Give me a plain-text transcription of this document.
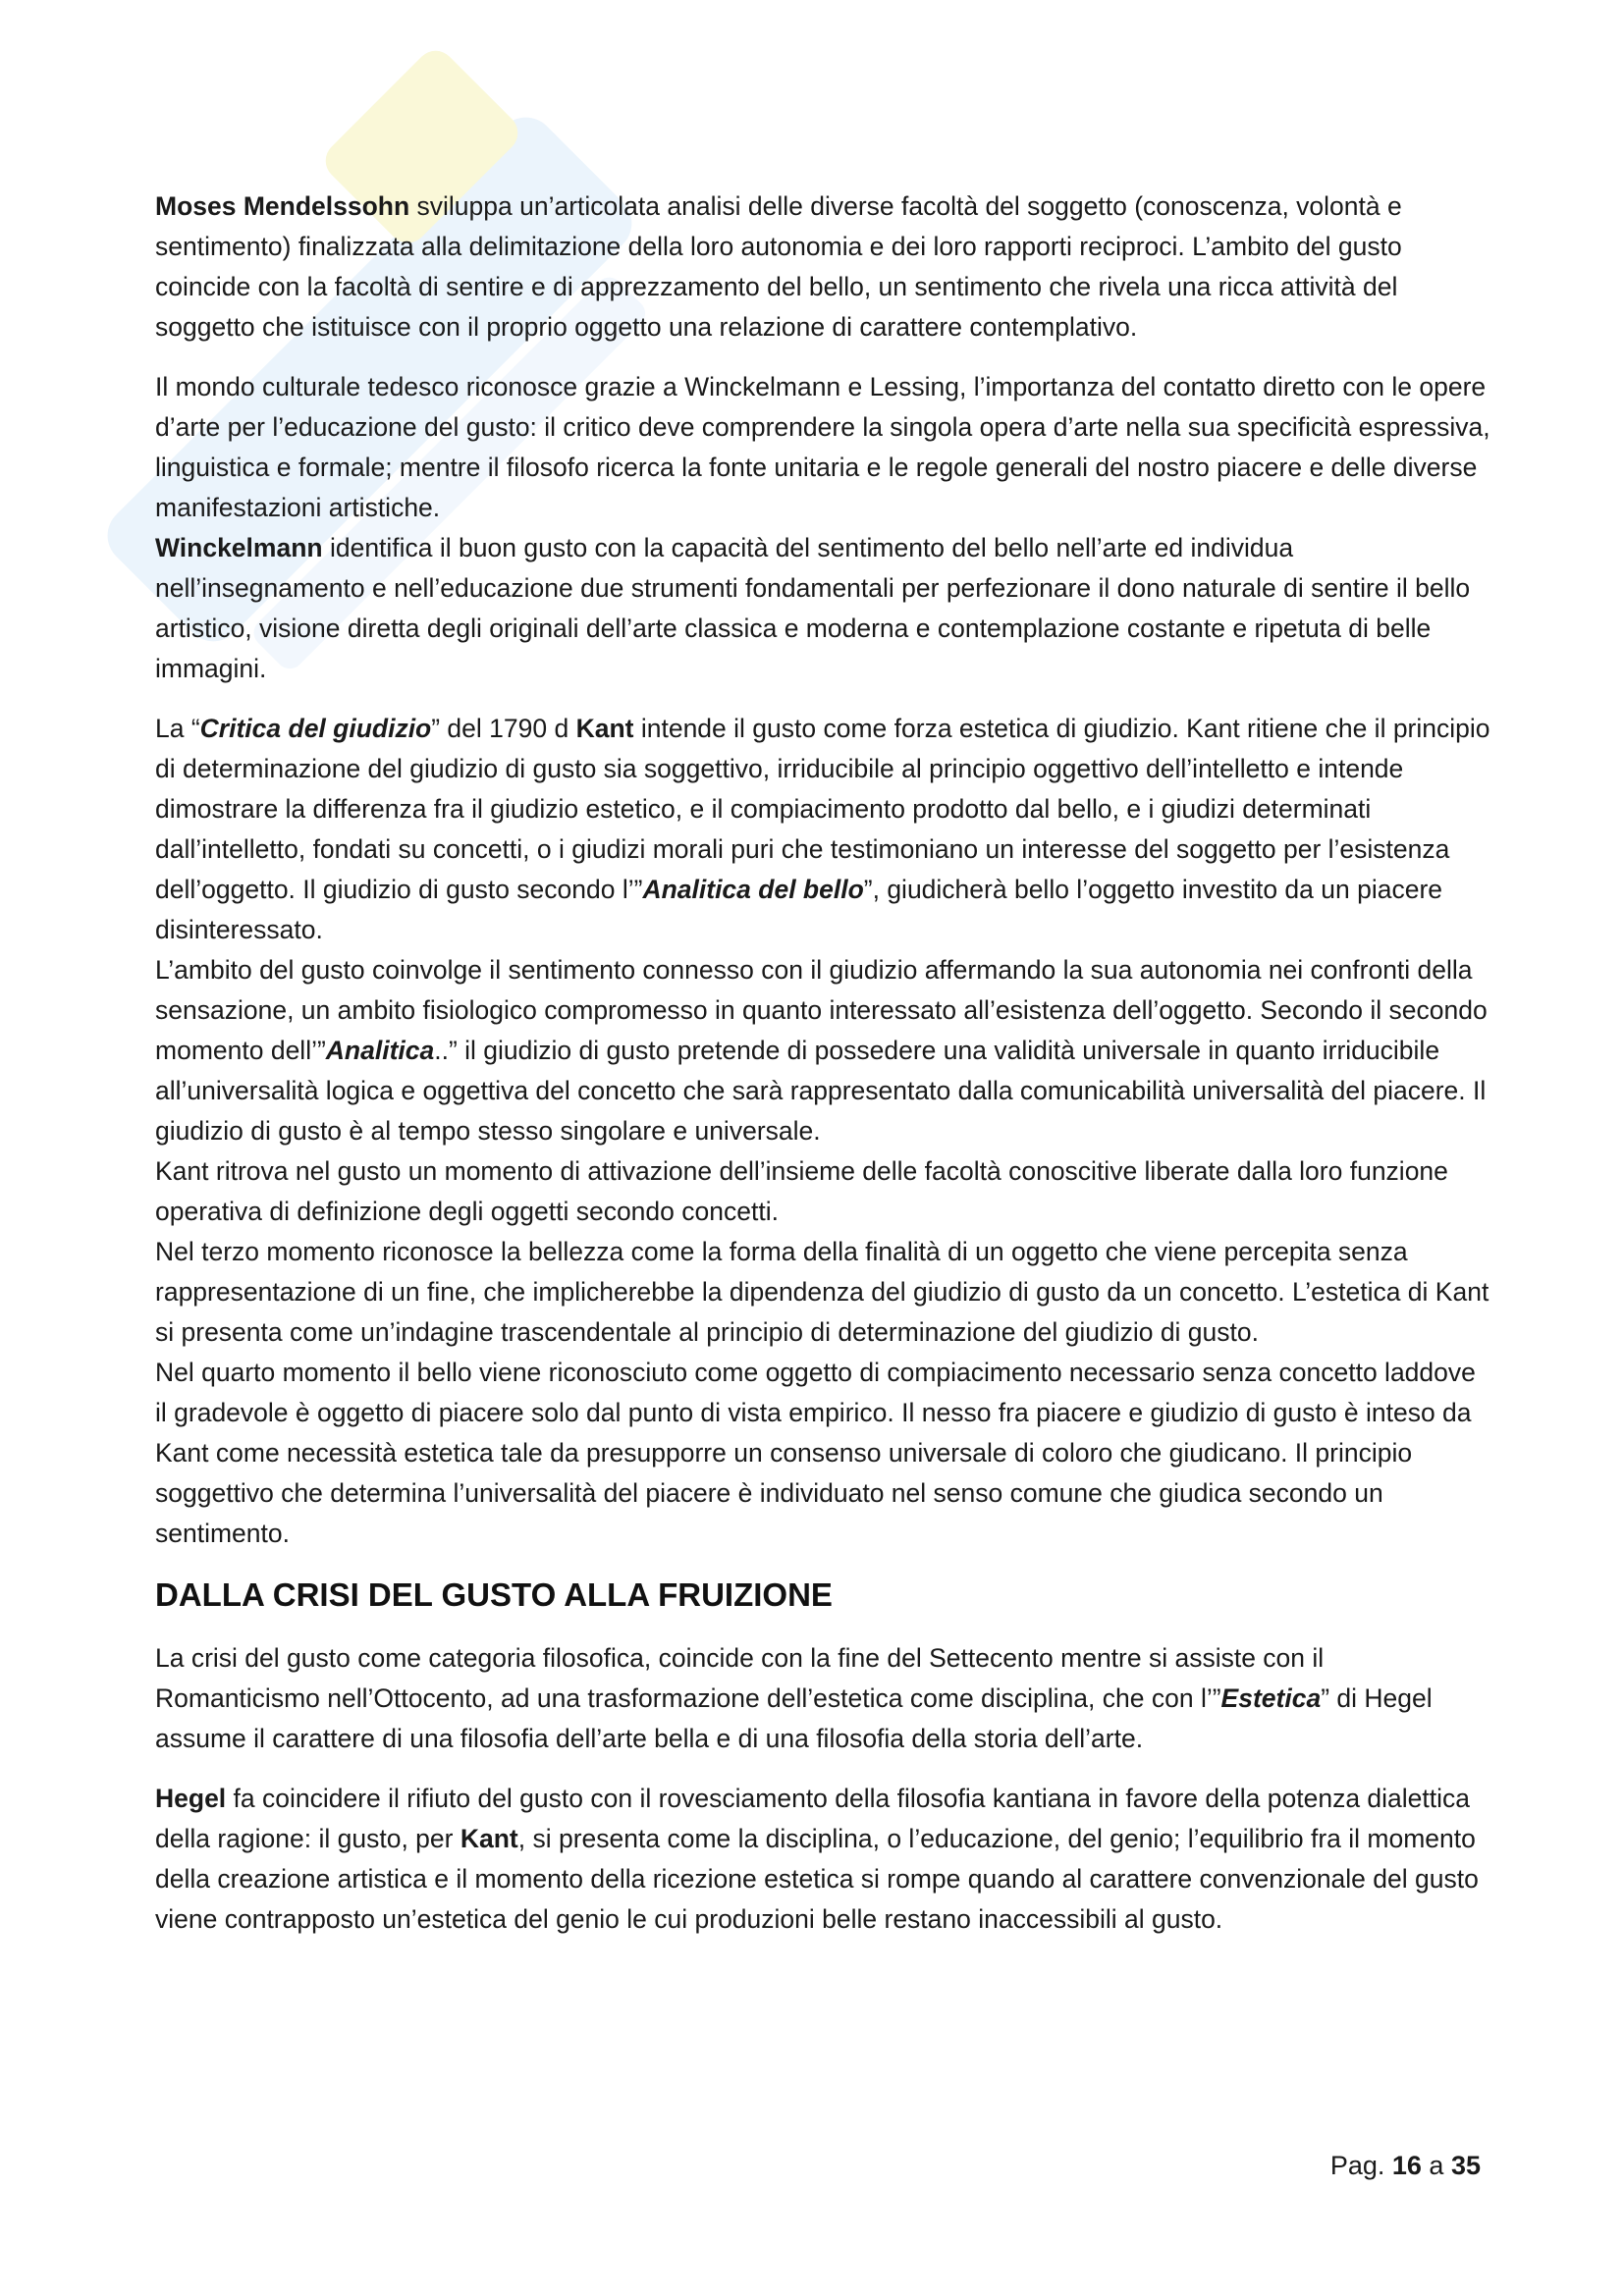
Moses Mendelssohn sviluppa un’articolata analisi delle diverse facoltà del soggetto (conoscenza, volontà e sentimento) finalizzata alla delimitazione della loro autonomia e dei loro rapporti reciproci. L’ambito del gusto coincide con la facoltà di sentire e di apprezzamento del bello, un sentimento che rivela una ricca attività del soggetto che istituisce con il proprio oggetto una relazione di carattere contemplativo.

Il mondo culturale tedesco riconosce grazie a Winckelmann e Lessing, l’importanza del contatto diretto con le opere d’arte per l’educazione del gusto: il critico deve comprendere la singola opera d’arte nella sua specificità espressiva, linguistica e formale; mentre il filosofo ricerca la fonte unitaria e le regole generali del nostro piacere e delle diverse manifestazioni artistiche.

Winckelmann identifica il buon gusto con la capacità del sentimento del bello nell’arte ed individua nell’insegnamento e nell’educazione due strumenti fondamentali per perfezionare il dono naturale di sentire il bello artistico, visione diretta degli originali dell’arte classica e moderna e contemplazione costante e ripetuta di belle immagini.

La “Critica del giudizio” del 1790 d Kant intende il gusto come forza estetica di giudizio. Kant ritiene che il principio di determinazione del giudizio di gusto sia soggettivo, irriducibile al principio oggettivo dell’intelletto e intende dimostrare la differenza fra il giudizio estetico, e il compiacimento prodotto dal bello, e i giudizi determinati dall’intelletto, fondati su concetti, o i giudizi morali puri che testimoniano un interesse del soggetto per l’esistenza dell’oggetto. Il giudizio di gusto secondo l’”Analitica del bello”, giudicherà bello l’oggetto investito da un piacere disinteressato.

L’ambito del gusto coinvolge il sentimento connesso con il giudizio affermando la sua autonomia nei confronti della sensazione, un ambito fisiologico compromesso in quanto interessato all’esistenza dell’oggetto. Secondo il secondo momento dell’”Analitica..” il giudizio di gusto pretende di possedere una validità universale in quanto irriducibile all’universalità logica e oggettiva del concetto che sarà rappresentato dalla comunicabilità universalità del piacere. Il giudizio di gusto è al tempo stesso singolare e universale.

Kant ritrova nel gusto un momento di attivazione dell’insieme delle facoltà conoscitive liberate dalla loro funzione operativa di definizione degli oggetti secondo concetti.

Nel terzo momento riconosce la bellezza come la forma della finalità di un oggetto che viene percepita senza rappresentazione di un fine, che implicherebbe la dipendenza del giudizio di gusto da un concetto. L’estetica di Kant si presenta come un’indagine trascendentale al principio di determinazione del giudizio di gusto.

Nel quarto momento il bello viene riconosciuto come oggetto di compiacimento necessario senza concetto laddove il gradevole è oggetto di piacere solo dal punto di vista empirico. Il nesso fra piacere e giudizio di gusto è inteso da Kant come necessità estetica tale da presupporre un consenso universale di coloro che giudicano. Il principio soggettivo che determina l’universalità del piacere è individuato nel senso comune che giudica secondo un sentimento.

DALLA CRISI DEL GUSTO ALLA FRUIZIONE

La crisi del gusto come categoria filosofica, coincide con la fine del Settecento mentre si assiste con il Romanticismo nell’Ottocento, ad una trasformazione dell’estetica come disciplina, che con l’”Estetica” di Hegel assume il carattere di una filosofia dell’arte bella e di una filosofia della storia dell’arte.

Hegel fa coincidere il rifiuto del gusto con il rovesciamento della filosofia kantiana in favore della potenza dialettica della ragione: il gusto, per Kant, si presenta come la disciplina, o l’educazione, del genio; l’equilibrio fra il momento della creazione artistica e il momento della ricezione estetica si rompe quando al carattere convenzionale del gusto viene contrapposto un’estetica del genio le cui produzioni belle restano inaccessibili al gusto.

Pag. 16 a 35
